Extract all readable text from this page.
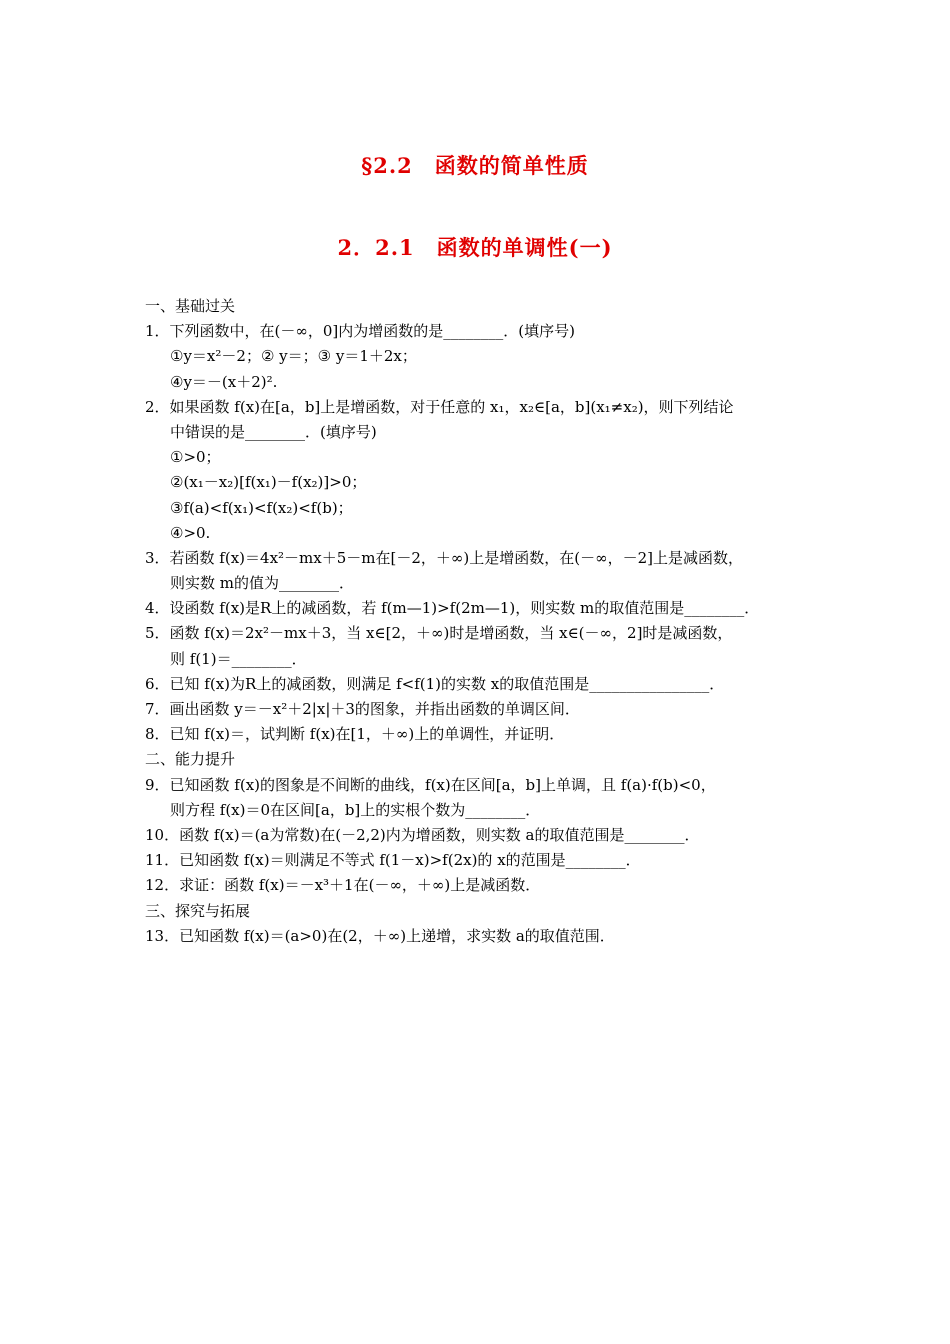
§2.2　函数的简单性质
2．2.1　函数的单调性(一)
一、基础过关
1．下列函数中，在(－∞，0]内为增函数的是________．(填序号)
①y＝x²－2；② y＝；③ y＝1＋2x；
④y＝－(x＋2)².
2．如果函数 f(x)在[a，b]上是增函数，对于任意的 x₁，x₂∈[a，b](x₁≠x₂)，则下列结论
中错误的是________．(填序号)
①>0；
②(x₁－x₂)[f(x₁)－f(x₂)]>0；
③f(a)<f(x₁)<f(x₂)<f(b)；
④>0.
3．若函数 f(x)＝4x²－mx＋5－m在[－2，＋∞)上是增函数，在(－∞，－2]上是减函数，
则实数 m的值为________．
4．设函数 f(x)是R上的减函数，若 f(m—1)>f(2m—1)，则实数 m的取值范围是________．
5．函数 f(x)＝2x²－mx＋3，当 x∈[2，＋∞)时是增函数，当 x∈(－∞，2]时是减函数，
则 f(1)＝________．
6．已知 f(x)为R上的减函数，则满足 f<f(1)的实数 x的取值范围是________________．
7．画出函数 y＝－x²＋2|x|＋3的图象，并指出函数的单调区间．
8．已知 f(x)＝，试判断 f(x)在[1，＋∞)上的单调性，并证明．
二、能力提升
9．已知函数 f(x)的图象是不间断的曲线，f(x)在区间[a，b]上单调，且 f(a)·f(b)<0，
则方程 f(x)＝0在区间[a，b]上的实根个数为________．
10．函数 f(x)＝(a为常数)在(－2,2)内为增函数，则实数 a的取值范围是________．
11．已知函数 f(x)＝则满足不等式 f(1－x)>f(2x)的 x的范围是________．
12．求证：函数 f(x)＝－x³＋1在(－∞，＋∞)上是减函数．
三、探究与拓展
13．已知函数 f(x)＝(a>0)在(2，＋∞)上递增，求实数 a的取值范围．
